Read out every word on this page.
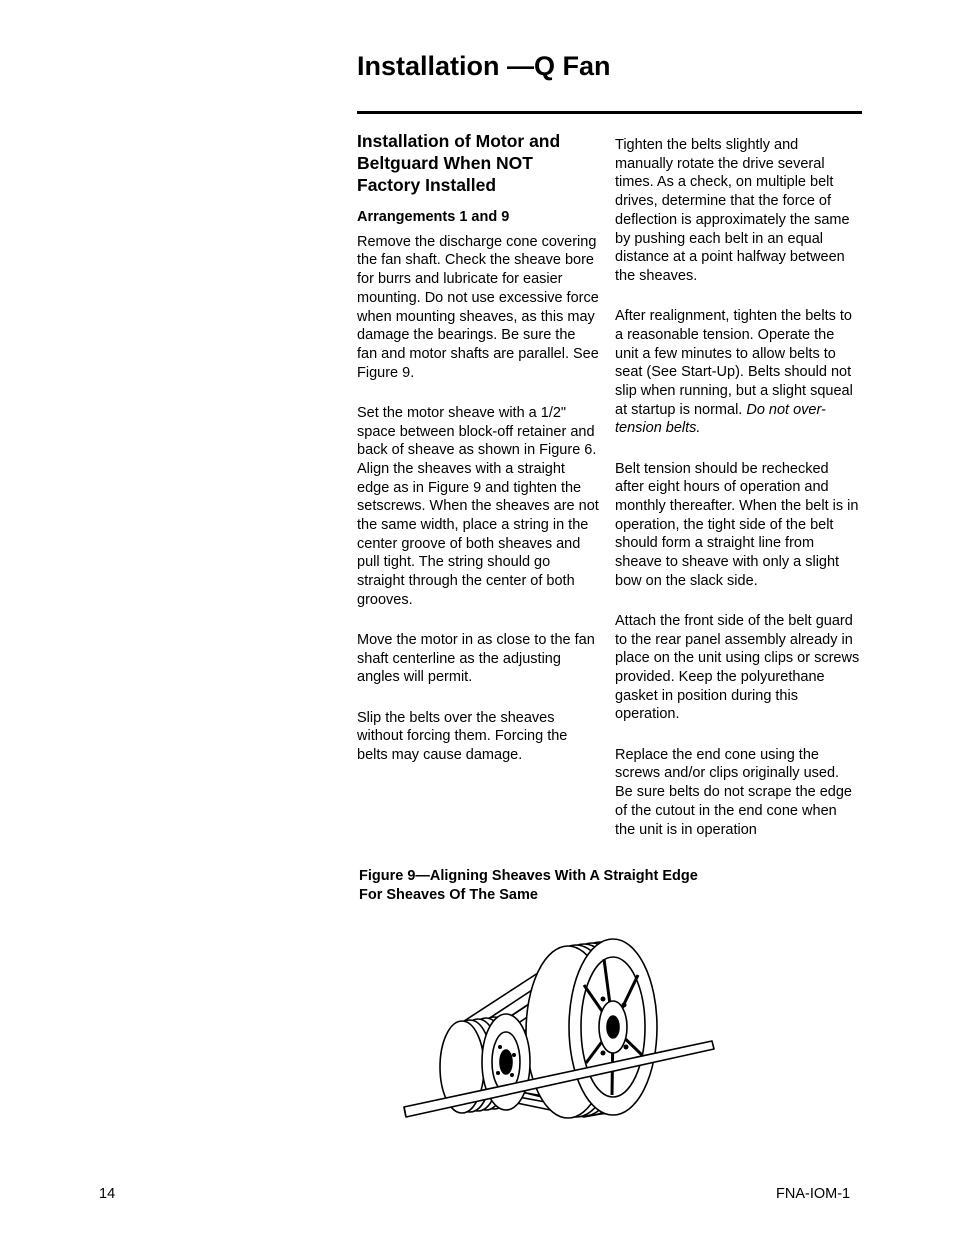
Installation —Q Fan
Installation of Motor and Beltguard When NOT Factory Installed
Arrangements 1 and 9

Remove the discharge cone covering the fan shaft. Check the sheave bore for burrs and lubricate for easier mounting. Do not use excessive force when mounting sheaves, as this may damage the bearings. Be sure the fan and motor shafts are parallel. See Figure 9.

Set the motor sheave with a 1/2" space between block-off retainer and back of sheave as shown in Figure 6. Align the sheaves with a straight edge as in Figure 9 and tighten the setscrews. When the sheaves are not the same width, place a string in the center groove of both sheaves and pull tight. The string should go straight through the center of both grooves.

Move the motor in as close to the fan shaft centerline as the adjusting angles will permit.

Slip the belts over the sheaves without forcing them. Forcing the belts may cause damage.

Tighten the belts slightly and manually rotate the drive several times. As a check, on multiple belt drives, determine that the force of deflection is approximately the same by pushing each belt in an equal distance at a point halfway between the sheaves.

After realignment, tighten the belts to a reasonable tension. Operate the unit a few minutes to allow belts to seat (See Start-Up). Belts should not slip when running, but a slight squeal at startup is normal. Do not over-tension belts.

Belt tension should be rechecked after eight hours of operation and monthly thereafter. When the belt is in operation, the tight side of the belt should form a straight line from sheave to sheave with only a slight bow on the slack side.

Attach the front side of the belt guard to the rear panel assembly already in place on the unit using clips or screws provided. Keep the polyurethane gasket in position during this operation.

Replace the end cone using the screws and/or clips originally used. Be sure belts do not scrape the edge of the cutout in the end cone when the unit is in operation

Figure 9—Aligning Sheaves With A Straight Edge
For Sheaves Of The Same

14	FNA-IOM-1
